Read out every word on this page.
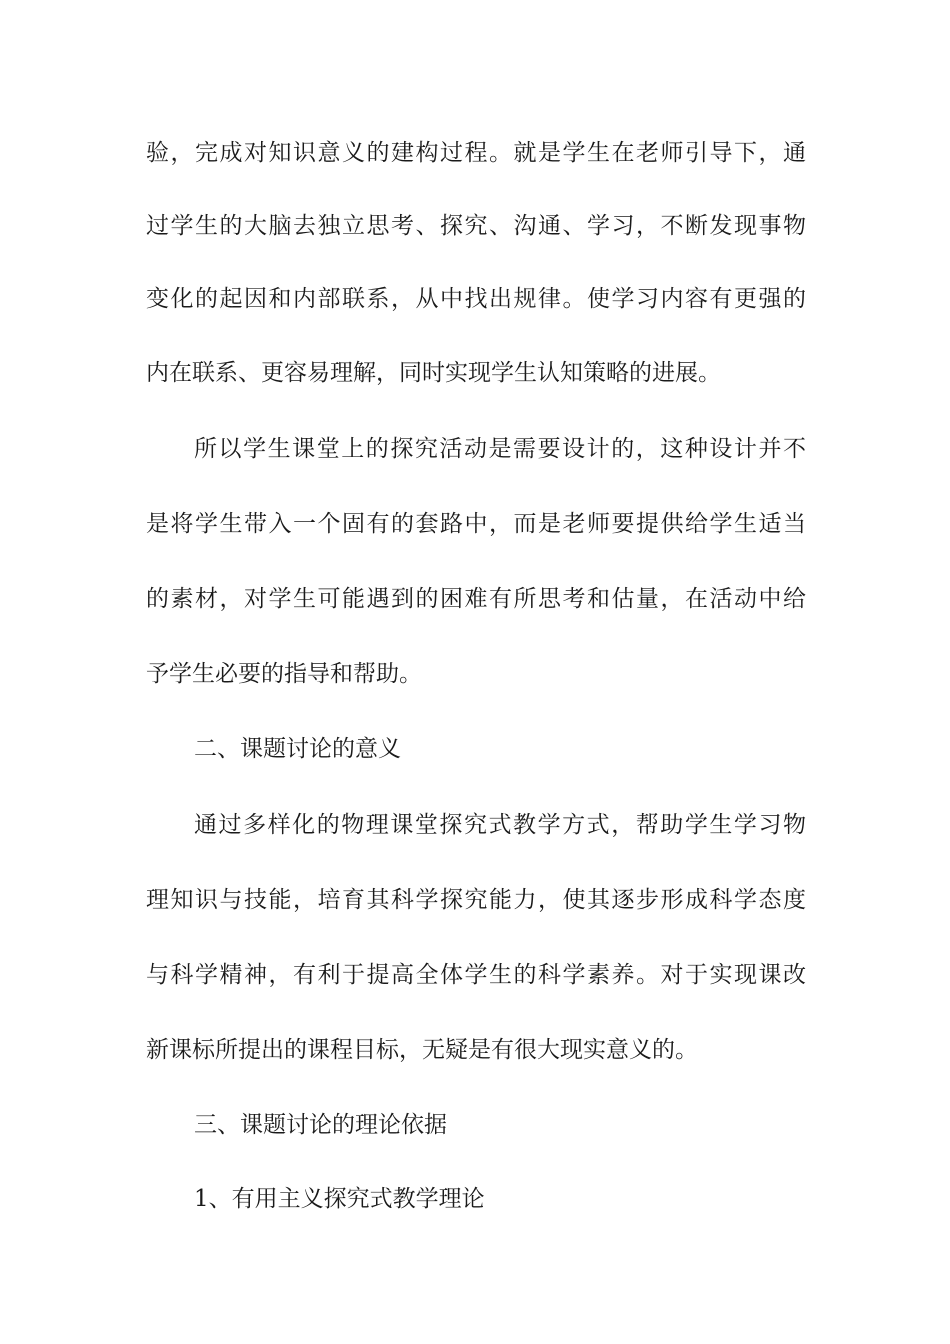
验，完成对知识意义的建构过程。就是学生在老师引导下，通
过学生的大脑去独立思考、探究、沟通、学习，不断发现事物
变化的起因和内部联系，从中找出规律。使学习内容有更强的
内在联系、更容易理解，同时实现学生认知策略的进展。
所以学生课堂上的探究活动是需要设计的，这种设计并不
是将学生带入一个固有的套路中，而是老师要提供给学生适当
的素材，对学生可能遇到的困难有所思考和估量，在活动中给
予学生必要的指导和帮助。
二、课题讨论的意义
通过多样化的物理课堂探究式教学方式，帮助学生学习物
理知识与技能，培育其科学探究能力，使其逐步形成科学态度
与科学精神，有利于提高全体学生的科学素养。对于实现课改
新课标所提出的课程目标，无疑是有很大现实意义的。
三、课题讨论的理论依据
1、有用主义探究式教学理论
